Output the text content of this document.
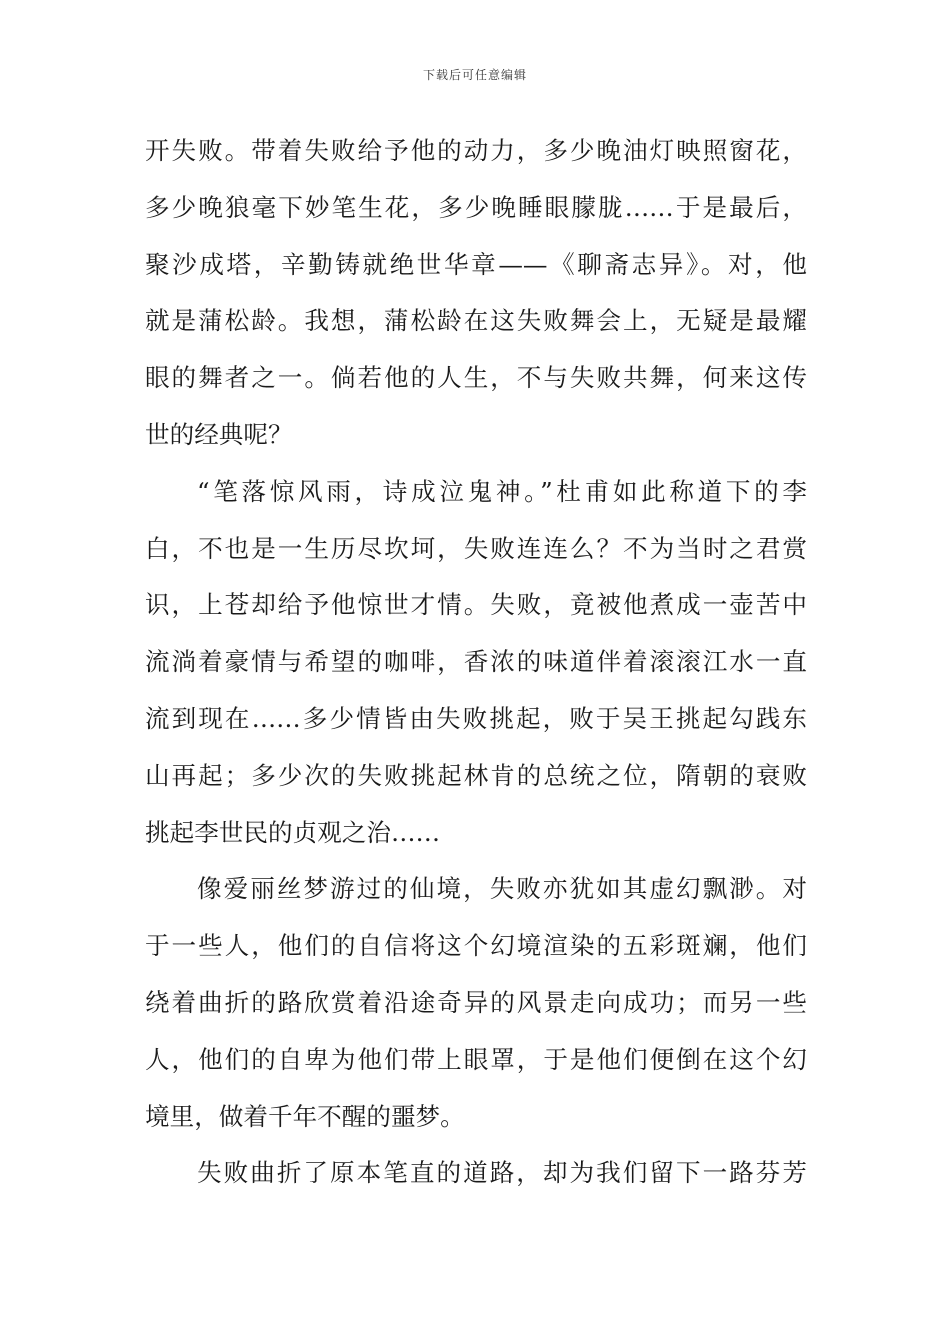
下载后可任意编辑
开失败。带着失败给予他的动力，多少晚油灯映照窗花，
多少晚狼毫下妙笔生花，多少晚睡眼朦胧……于是最后，
聚沙成塔，辛勤铸就绝世华章——《聊斋志异》。对，他
就是蒲松龄。我想，蒲松龄在这失败舞会上，无疑是最耀
眼的舞者之一。倘若他的人生，不与失败共舞，何来这传
世的经典呢？
“笔落惊风雨，诗成泣鬼神。”杜甫如此称道下的李
白，不也是一生历尽坎坷，失败连连么？不为当时之君赏
识，上苍却给予他惊世才情。失败，竟被他煮成一壶苦中
流淌着豪情与希望的咖啡，香浓的味道伴着滚滚江水一直
流到现在……多少情皆由失败挑起，败于吴王挑起勾践东
山再起；多少次的失败挑起林肯的总统之位，隋朝的衰败
挑起李世民的贞观之治……
像爱丽丝梦游过的仙境，失败亦犹如其虚幻飘渺。对
于一些人，他们的自信将这个幻境渲染的五彩斑斓，他们
绕着曲折的路欣赏着沿途奇异的风景走向成功；而另一些
人，他们的自卑为他们带上眼罩，于是他们便倒在这个幻
境里，做着千年不醒的噩梦。
失败曲折了原本笔直的道路，却为我们留下一路芬芳
